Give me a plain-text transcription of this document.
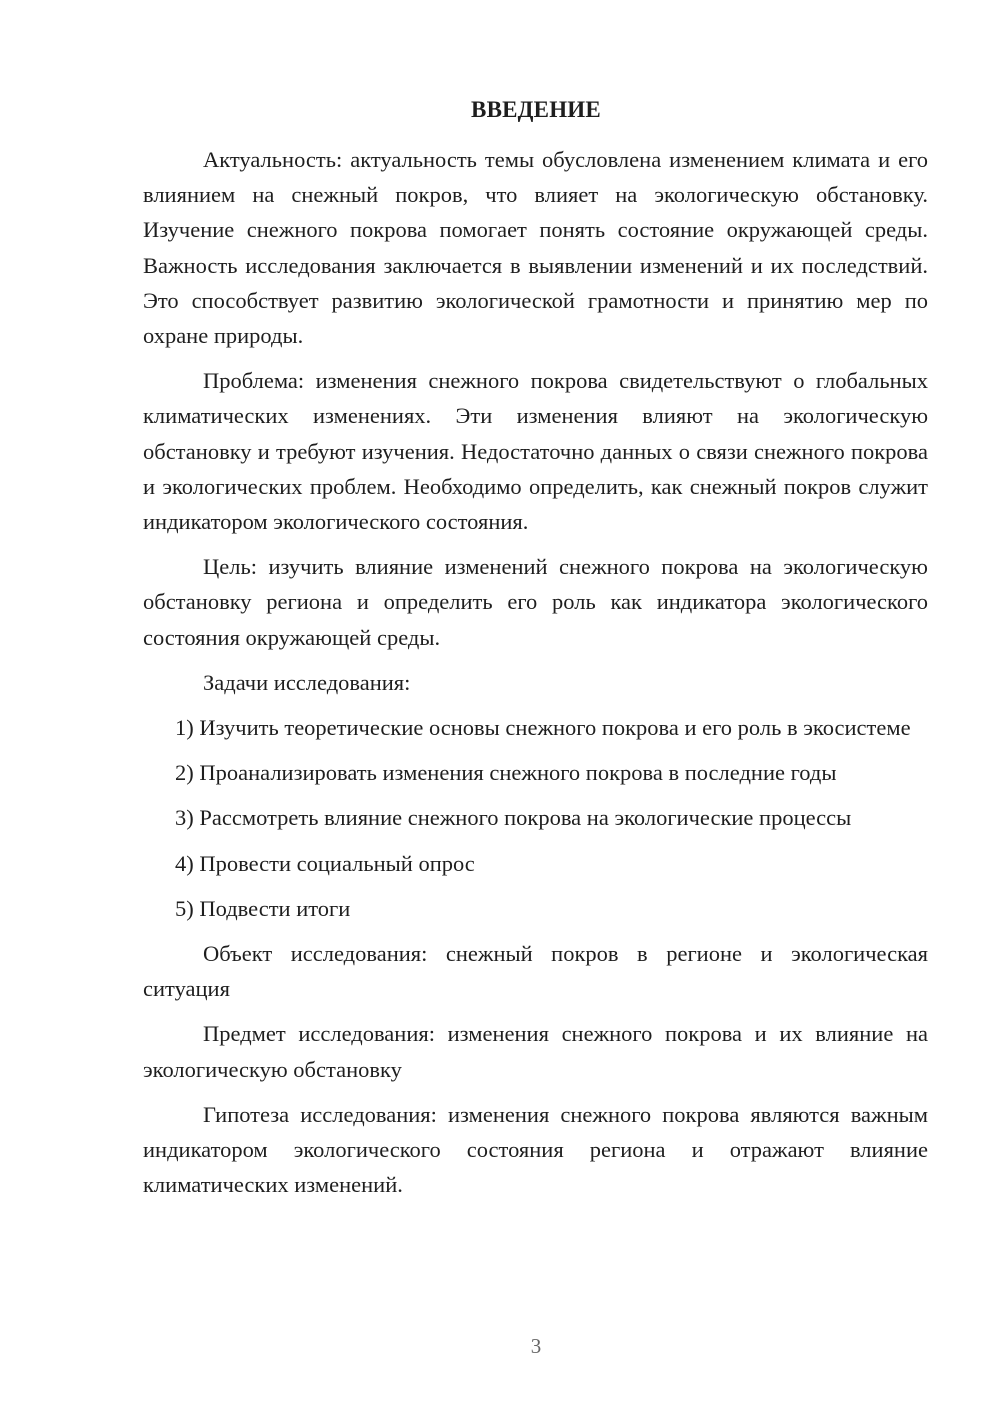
ВВЕДЕНИЕ

Актуальность: актуальность темы обусловлена изменением климата и его влиянием на снежный покров, что влияет на экологическую обстановку. Изучение снежного покрова помогает понять состояние окружающей среды. Важность исследования заключается в выявлении изменений и их последствий. Это способствует развитию экологической грамотности и принятию мер по охране природы.

Проблема: изменения снежного покрова свидетельствуют о глобальных климатических изменениях. Эти изменения влияют на экологическую обстановку и требуют изучения. Недостаточно данных о связи снежного покрова и экологических проблем. Необходимо определить, как снежный покров служит индикатором экологического состояния.

Цель: изучить влияние изменений снежного покрова на экологическую обстановку региона и определить его роль как индикатора экологического состояния окружающей среды.

Задачи исследования:

1) Изучить теоретические основы снежного покрова и его роль в экосистеме

2) Проанализировать изменения снежного покрова в последние годы

3) Рассмотреть влияние снежного покрова на экологические процессы

4) Провести социальный опрос

5) Подвести итоги

Объект исследования: снежный покров в регионе и экологическая ситуация

Предмет исследования: изменения снежного покрова и их влияние на экологическую обстановку

Гипотеза исследования: изменения снежного покрова являются важным индикатором экологического состояния региона и отражают влияние климатических изменений.

3
